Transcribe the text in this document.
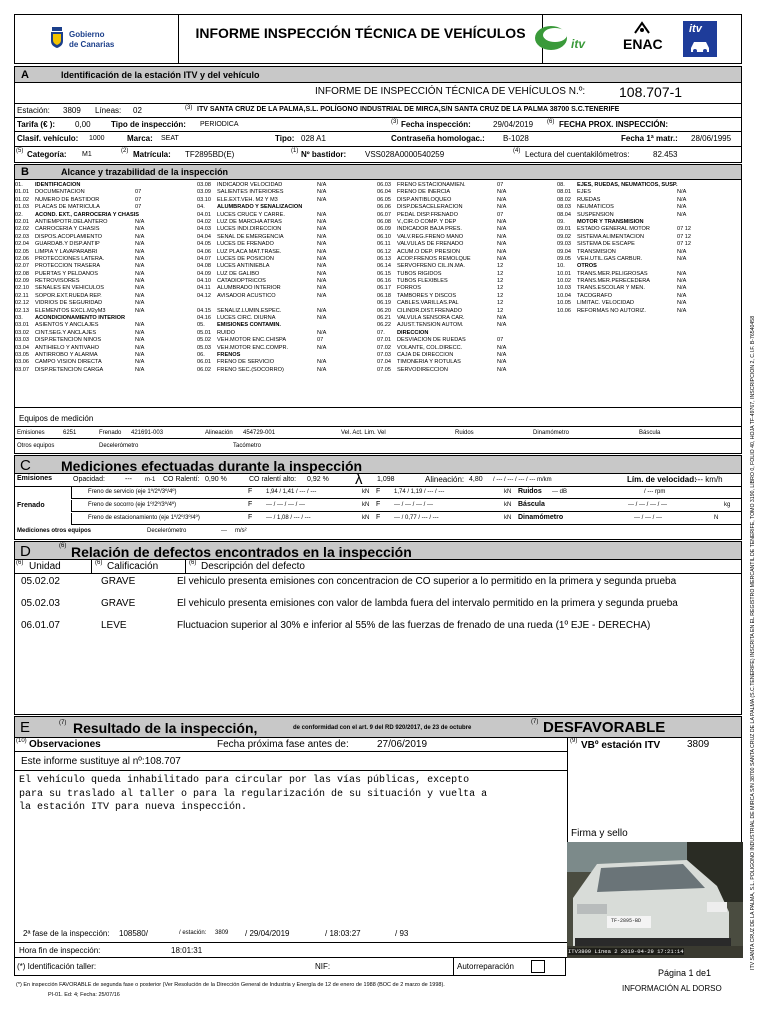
Gobierno
de Canarias
INFORME INSPECCIÓN TÉCNICA DE VEHÍCULOS
itv	ENAC
itv
A	Identificación de la estación ITV y del vehículo
INFORME DE INSPECCIÓN TÉCNICA DE VEHÍCULOS N.º: 108.707-1
Estación: 3809 Líneas: 02	(3) ITV SANTA CRUZ DE LA PALMA,S.L. POLÍGONO INDUSTRIAL DE MIRCA,S/N SANTA CRUZ DE LA PALMA 38700 S.C.TENERIFE
Tarifa (€ ): 0,00	Tipo de inspección: PERIODICA	(3) Fecha inspección:	29/04/2019 (6) FECHA PROX. INSPECCIÓN:
Clasif. vehículo: 1000	Marca: SEAT	Tipo: 028 A1	Contraseña homologac.: B-1028	Fecha 1ª matr.: 28/06/1995
(5) Categoría: M1	(2) Matrícula: TF2895BD(E)	(1) Nº bastidor: VSS028A0000540259	(4) Lectura del cuentakilómetros:	82.453
B	Alcance y trazabilidad de la inspección
01.	IDENTIFICACION
01.01	DOCUMENTACION	07
01.02	NUMERO DE BASTIDOR	07
01.03	PLACAS DE MATRICULA	07
02.	ACOND. EXT., CARROCERÍA Y CHASIS
02.01	ANTIEMPOTR.DELANTERO	N/A
02.02	CARROCERÍA Y CHASIS	N/A
02.03	DISPOS.ACOPLAMIENTO	N/A
02.04	GUARDAB.Y DISP.ANTIP	N/A
02.05	LIMPIA Y LAVAPARABRI	N/A
02.06	PROTECCIONES LATERA.	N/A
02.07	PROTECCION TRASERA	N/A
02.08	PUERTAS Y PELDAÑOS	N/A
02.09	RETROVISORES	N/A
02.10	SEÑALES EN VEHICULOS	N/A
02.11	SOPOR.EXT.RUEDA REP.	N/A
02.12	VIDRIOS DE SEGURIDAD	N/A
02.13	ELEMENTOS EXCL.M2yM3	N/A
03.	ACONDICIONAMIENTO INTERIOR
03.01	ASIENTOS Y ANCLAJES	N/A
03.02	CINT.SEG.Y ANCLAJES	N/A
03.03	DISP.RETENCION NIÑOS	N/A
03.04	ANTIHIELO Y ANTIVAHO	N/A
03.05	ANTIRROBO Y ALARMA	N/A
03.06	CAMPO VISION DIRECTA	N/A
03.07	DISP.RETENCION CARGA	N/A
03.08	INDICADOR VELOCIDAD	N/A
03.09	SALIENTES INTERIORES	N/A
03.10	ELE.EXT.VEH. M2 Y M3	N/A
04.	ALUMBRADO Y SEÑALIZACIÓN
04.01	LUCES CRUCE Y CARRE.	N/A
04.02	LUZ DE MARCHA ATRAS	N/A
04.03	LUCES INDI.DIRECCION	N/A
04.04	SEÑAL DE EMERGENCIA	N/A
04.05	LUCES DE FRENADO	N/A
04.06	LUZ PLACA MAT.TRASE.	N/A
04.07	LUCES DE POSICION	N/A
04.08	LUCES ANTINIEBLA	N/A
04.09	LUZ DE GALIBO	N/A
04.10	CATADIOPTRICOS	N/A
04.11	ALUMBRADO INTERIOR	N/A
04.12	AVISADOR ACUSTICO	N/A
04.15	SEÑALIZ.LUMIN.ESPEC.	N/A
04.16	LUCES CIRC. DIURNA	N/A
05.	EMISIONES CONTAMIN.
05.01	RUIDO	N/A
05.02	VEH.MOTOR ENC.CHISPA	07
05.03	VEH.MOTOR ENC.COMPR.	N/A
06.	FRENOS
06.01	FRENO DE SERVICIO	N/A
06.02	FRENO SEC.(SOCORRO)	N/A
06.03	FRENO ESTACIONAMIEN.	07
06.04	FRENO DE INERCIA	N/A
06.05	DISP.ANTIBLOQUEO	N/A
06.06	DISP.DESACELERACION	N/A
06.07	PEDAL DISP.FRENADO	07
06.08	V.,CIR.O COMP. Y DEP	N/A
06.09	INDICADOR BAJA PRES.	N/A
06.10	VALV.REG.FRENO MANO	N/A
06.11	VALVULAS DE FRENADO	N/A
06.12	ACUM.O DEP. PRESION	N/A
06.13	ACOP.FRENOS REMOLQUE	N/A
06.14	SERVOFRENO CIL.IN.MA.	12
06.15	TUBOS RIGIDOS	12
06.16	TUBOS FLEXIBLES	12
06.17	FORROS	12
06.18	TAMBORES Y DISCOS	12
06.19	CABLES.VARILLAS.PAL	12
06.20	CILINDR.DIST.FRENADO	12
06.21	VALVULA SENSORA CAR.	N/A
06.22	AJUST.TENSION AUTOM.	N/A
07.	DIRECCION
07.01	DESVIACION DE RUEDAS	07
07.02	VOLANTE, COL.DIRECC.	N/A
07.03	CAJA DE DIRECCION	N/A
07.04	TIMONERIA Y ROTULAS	N/A
07.05	SERVODIRECCION	N/A
08.	EJES, RUEDAS, NEUMATICOS, SUSP.
08.01	EJES	N/A
08.02	RUEDAS	N/A
08.03	NEUMATICOS	N/A
08.04	SUSPENSION	N/A
09.	MOTOR Y TRANSMISION
09.01	ESTADO GENERAL MOTOR	07 12
09.02	SISTEMA ALIMENTACION	07 12
09.03	SISTEMA DE ESCAPE	07 12
09.04	TRANSMISION	N/A
09.05	VEH.UTIL.GAS CARBUR.	N/A
10.	OTROS
10.01	TRANS.MER.PELIGROSAS	N/A
10.02	TRANS.MER.PERECEDERA	N/A
10.03	TRANS.ESCOLAR Y MEN.	N/A
10.04	TACOGRAFO	N/A
10.05	LIMITAC. VELOCIDAD	N/A
10.06	REFORMAS NO AUTORIZ.	N/A
Equipos de medición
Emisiones	6251	Frenado 421691-003	Alineación 454729-001	Vel. Act. Lim. Vel	Ruidos	Dinamómetro	Báscula
Otros equipos	Decelerómetro	Tacómetro
C Mediciones efectuadas durante la inspección
Emisiones	Opacidad:	--- m-1 CO Ralentí: 0,90 %	CO ralentí alto: 0,92 % λ 1,098	Alineación: 4,80 / --- / --- / --- / --- m/km	Lím. de velocidad:
--- km/h
Frenado
Freno de servicio (eje 1º/2º/3º/4º)	F 1,94 / 1,41 / --- / ---	kN F 1,74 / 1,19 / --- / ---	kN Ruidos --- dB	/ --- rpm
Freno de socorro (eje 1º/2º/3º/4º)	F --- / --- / --- / ---	kN F --- / --- / --- / ---	kN Báscula	--- / --- / --- / ---	kg
Freno de estacionamiento (eje 1º/2º/3º/4º)	F --- / 1,08 / --- / ---	kN F --- / 0,77 / --- / ---	kN Dinamómetro	--- / --- / ---	N
Mediciones otros equipos	Decelerómetro	--- m/s²
D	(6) Relación de defectos encontrados en la inspección
(6) Unidad	(6) Calificación	(6) Descripción del defecto
05.02.02	GRAVE	El vehiculo presenta emisiones con concentracion de CO superior a lo permitido en la primera y segunda prueba
05.02.03	GRAVE	El vehiculo presenta emisiones con valor de lambda fuera del intervalo permitido en la primera y segunda prueba
06.01.07	LEVE	Fluctuacion superior al 30% e inferior al 55% de las fuerzas de frenado de una rueda (1º EJE - DERECHA)
E	(7) Resultado de la inspección,	de conformidad con el art. 9 del RD 920/2017, de 23 de octubre
(7) DESFAVORABLE
(10) Observaciones	Fecha próxima fase antes de:	27/06/2019	(9) VBº estación ITV	3809
Este informe sustituye al nº:108.707
El vehículo queda inhabilitado para circular por las vías públicas, excepto
para su traslado al taller o para la regularización de su situación y vuelta a
la estación ITV para nueva inspección.
Firma y sello
TF-2895-BD
ITV3809 Línea 2 2019-04-29 17:21:14
2ª fase de la inspección: 108580/	/ estación: 3809 / 29/04/2019	/ 18:03:27	/ 93
Hora fin de inspección:	18:01:31
(*) Identificación taller:	NIF:	Autorreparación
Página 1 de1
(*) En inspección FAVORABLE de segunda fase o posterior (Ver Resolución de la Dirección General de Industria y Energía de 12 de enero de 1988 (BOC de 2 marzo de 1998).
PI-01. Ed: 4; Fecha: 25/07/16
INFORMACIÓN AL DORSO
ITV SANTA CRUZ DE LA PALMA, S.L. POLÍGONO INDUSTRIAL DE MIRCA S/N 38700 SANTA CRUZ DE LA PALMA (S.C.TENERIFE) INSCRITA EN EL REGISTRO MERCANTIL DE TENERIFE, TOMO 3190, LIBRO 0, FOLIO 40, HOJA TF-49767, INSCRIPCIÓN 2, C.I.F. B-76540458
